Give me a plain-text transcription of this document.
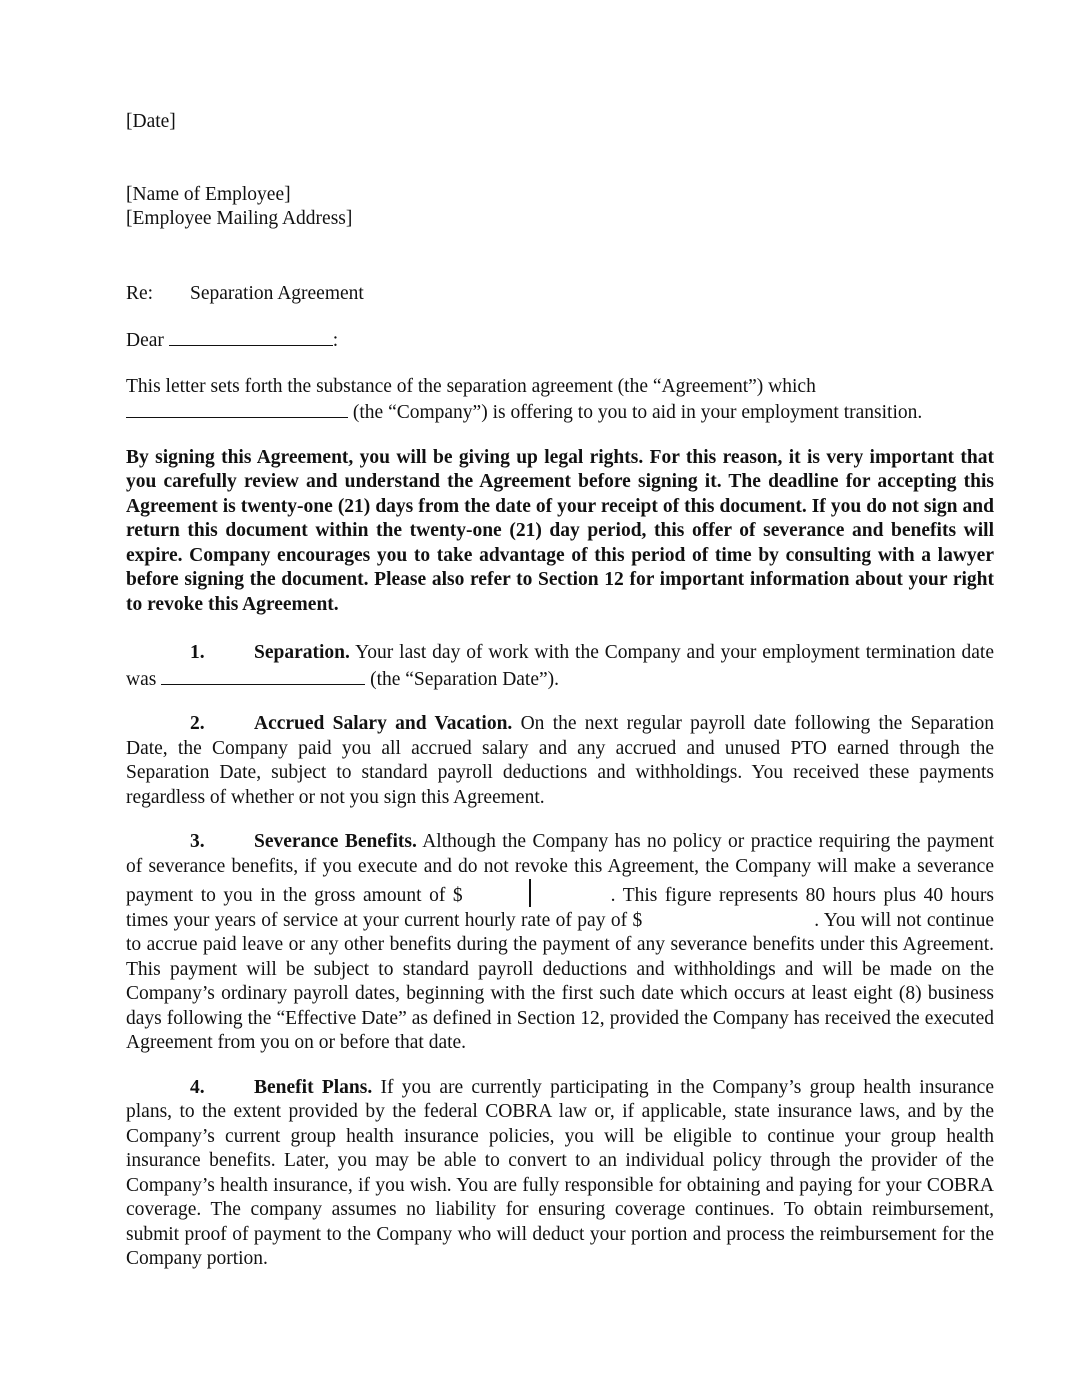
[Date]
[Name of Employee]
[Employee Mailing Address]
Re: Separation Agreement
Dear	:
This letter sets forth the substance of the separation agreement (the “Agreement”) which
(the “Company”) is offering to you to aid in your employment transition.
By signing this Agreement, you will be giving up legal rights. For this reason, it is very important that you carefully review and understand the Agreement before signing it. The deadline for accepting this Agreement is twenty-one (21) days from the date of your receipt of this document. If you do not sign and return this document within the twenty-one (21) day period, this offer of severance and benefits will expire. Company encourages you to take advantage of this period of time by consulting with a lawyer before signing the document. Please also refer to Section 12 for important information about your right to revoke this Agreement.
1.	Separation. Your last day of work with the Company and your employment termination date was	(the “Separation Date”).
2.	Accrued Salary and Vacation. On the next regular payroll date following the Separation Date, the Company paid you all accrued salary and any accrued and unused PTO earned through the Separation Date, subject to standard payroll deductions and withholdings. You received these payments regardless of whether or not you sign this Agreement.
3.	Severance Benefits. Although the Company has no policy or practice requiring the payment of severance benefits, if you execute and do not revoke this Agreement, the Company will make a severance payment to you in the gross amount of $	. This figure represents 80 hours plus 40 hours times your years of service at your current hourly rate of pay of $	. You will not continue to accrue paid leave or any other benefits during the payment of any severance benefits under this Agreement. This payment will be subject to standard payroll deductions and withholdings and will be made on the Company’s ordinary payroll dates, beginning with the first such date which occurs at least eight (8) business days following the “Effective Date” as defined in Section 12, provided the Company has received the executed Agreement from you on or before that date.
4.	Benefit Plans. If you are currently participating in the Company’s group health insurance plans, to the extent provided by the federal COBRA law or, if applicable, state insurance laws, and by the Company’s current group health insurance policies, you will be eligible to continue your group health insurance benefits. Later, you may be able to convert to an individual policy through the provider of the Company’s health insurance, if you wish. You are fully responsible for obtaining and paying for your COBRA coverage. The company assumes no liability for ensuring coverage continues. To obtain reimbursement, submit proof of payment to the Company who will deduct your portion and process the reimbursement for the Company portion.
